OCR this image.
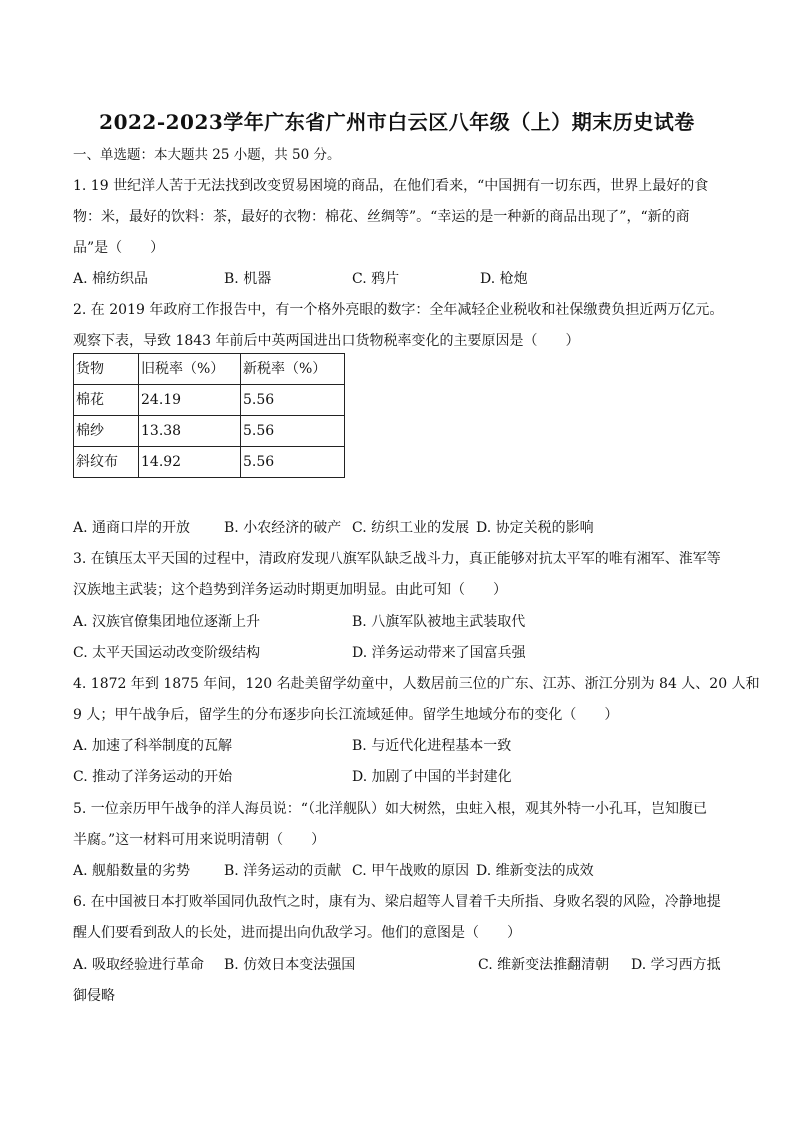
2022-2023学年广东省广州市白云区八年级（上）期末历史试卷
一、单选题：本大题共 25 小题，共 50 分。
1. 19 世纪洋人苦于无法找到改变贸易困境的商品，在他们看来，“中国拥有一切东西，世界上最好的食
物：米，最好的饮料：茶，最好的衣物：棉花、丝绸等”。“幸运的是一种新的商品出现了”，“新的商
品”是（　　）
A. 棉纺织品	B. 机器	C. 鸦片	D. 枪炮
2. 在 2019 年政府工作报告中，有一个格外亮眼的数字：全年减轻企业税收和社保缴费负担近两万亿元。
观察下表，导致 1843 年前后中英两国进出口货物税率变化的主要原因是（　　）
货物	旧税率（%）	新税率（%）
棉花	24.19	5.56
棉纱	13.38	5.56
斜纹布	14.92	5.56
A. 通商口岸的开放 B. 小农经济的破产 C. 纺织工业的发展 D. 协定关税的影响
3. 在镇压太平天国的过程中，清政府发现八旗军队缺乏战斗力，真正能够对抗太平军的唯有湘军、淮军等
汉族地主武装；这个趋势到洋务运动时期更加明显。由此可知（　　）
A. 汉族官僚集团地位逐渐上升	B. 八旗军队被地主武装取代
C. 太平天国运动改变阶级结构	D. 洋务运动带来了国富兵强
4. 1872 年到 1875 年间，120 名赴美留学幼童中，人数居前三位的广东、江苏、浙江分别为 84 人、20 人和
9 人；甲午战争后，留学生的分布逐步向长江流域延伸。留学生地域分布的变化（　　）
A. 加速了科举制度的瓦解	B. 与近代化进程基本一致
C. 推动了洋务运动的开始	D. 加剧了中国的半封建化
5. 一位亲历甲午战争的洋人海员说：“（北洋舰队）如大树然，虫蛀入根，观其外特一小孔耳，岂知腹已
半腐。”这一材料可用来说明清朝（　　）
A. 舰船数量的劣势 B. 洋务运动的贡献 C. 甲午战败的原因 D. 维新变法的成效
6. 在中国被日本打败举国同仇敌忾之时，康有为、梁启超等人冒着千夫所指、身败名裂的风险，冷静地提
醒人们要看到敌人的长处，进而提出向仇敌学习。他们的意图是（　　）
A. 吸取经验进行革命 B. 仿效日本变法强国	C. 维新变法推翻清朝 D. 学习西方抵
御侵略
